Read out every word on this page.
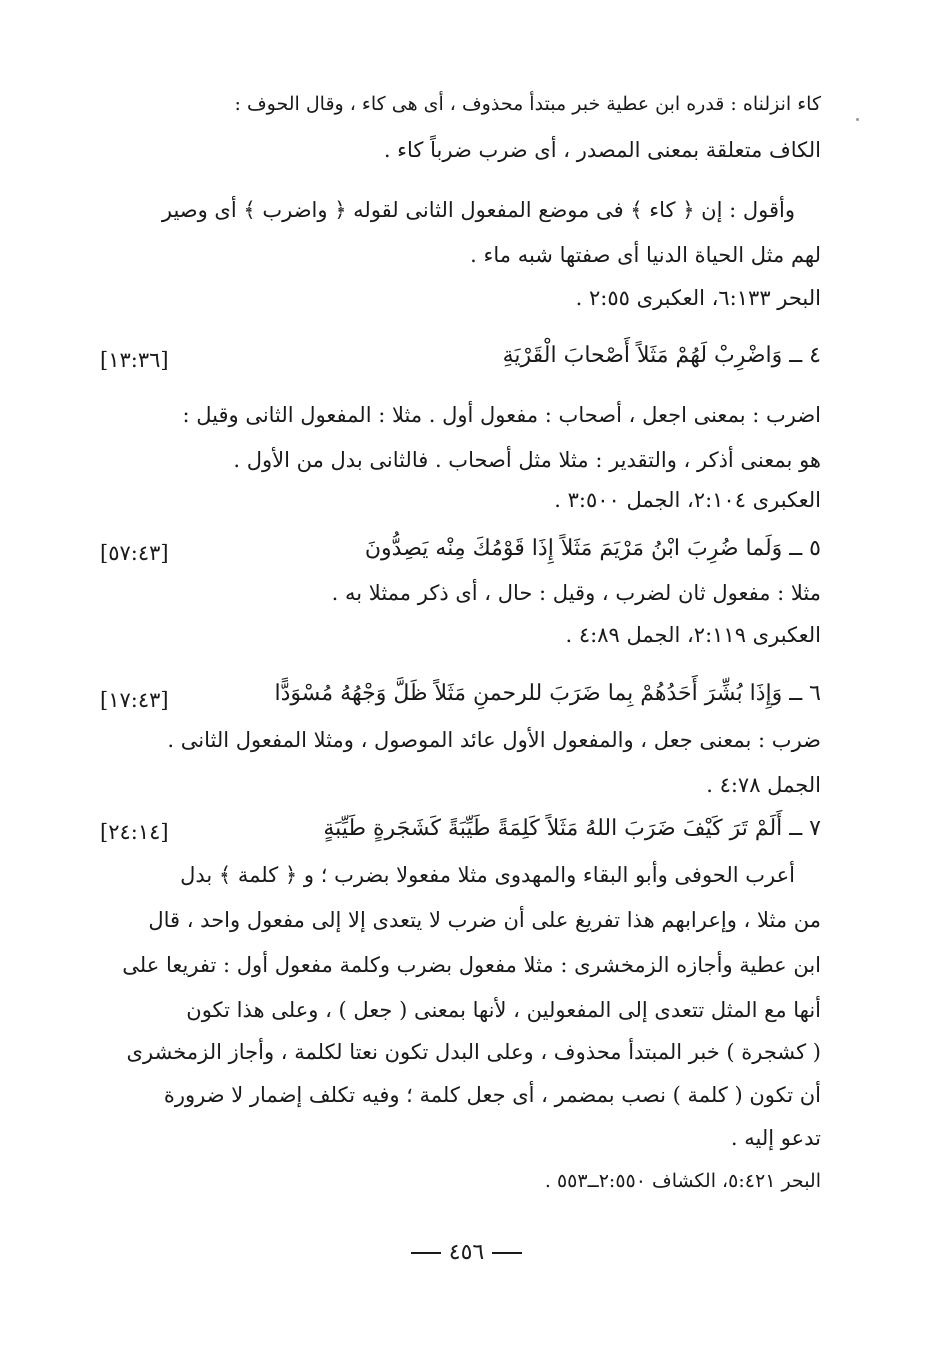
كاء انزلناه : قدره ابن عطية خبر مبتدأ محذوف ، أى هى كاء ، وقال الحوف :
الكاف متعلقة بمعنى المصدر ، أى ضرب ضرباً كاء .
وأقول : إن ﴿ كاء ﴾ فى موضع المفعول الثانى لقوله ﴿ واضرب ﴾ أى وصير
لهم مثل الحياة الدنيا أى صفتها شبه ماء .
البحر ٦:١٣٣، العكبرى ٢:٥٥ .
٤ ــ وَاضْرِبْ لَهُمْ مَثَلاً أَصْحابَ الْقَرْيَةِ
[١٣:٣٦]
اضرب : بمعنى اجعل ، أصحاب : مفعول أول . مثلا : المفعول الثانى وقيل :
هو بمعنى أذكر ، والتقدير : مثلا مثل أصحاب . فالثانى بدل من الأول .
العكبرى ٢:١٠٤، الجمل ٣:٥٠٠ .
٥ ــ وَلَما ضُرِبَ ابْنُ مَرْيَمَ مَثَلاً إِذَا قَوْمُكَ مِنْه يَصِدُّونَ
[٥٧:٤٣]
مثلا : مفعول ثان لضرب ، وقيل : حال ، أى ذكر ممثلا به .
العكبرى ٢:١١٩، الجمل ٤:٨٩ .
٦ ــ وَإِذَا بُشِّرَ أَحَدُهُمْ بِما ضَرَبَ للرحمنِ مَثَلاً ظَلَّ وَجْهُهُ مُسْوَدًّا
[١٧:٤٣]
ضرب : بمعنى جعل ، والمفعول الأول عائد الموصول ، ومثلا المفعول الثانى .
الجمل ٤:٧٨ .
٧ ــ أَلَمْ تَرَ كَيْفَ ضَرَبَ اللهُ مَثَلاً كَلِمَةً طَيِّبَةً كَشَجَرةٍ طَيِّبَةٍ
[٢٤:١٤]
أعرب الحوفى وأبو البقاء والمهدوى مثلا مفعولا بضرب ؛ و ﴿ كلمة ﴾ بدل
من مثلا ، وإعرابهم هذا تفريغ على أن ضرب لا يتعدى إلا إلى مفعول واحد ، قال
ابن عطية وأجازه الزمخشرى : مثلا مفعول بضرب وكلمة مفعول أول : تفريعا على
أنها مع المثل تتعدى إلى المفعولين ، لأنها بمعنى ( جعل ) ، وعلى هذا تكون
( كشجرة ) خبر المبتدأ محذوف ، وعلى البدل تكون نعتا لكلمة ، وأجاز الزمخشرى
أن تكون ( كلمة ) نصب بمضمر ، أى جعل كلمة ؛ وفيه تكلف إضمار لا ضرورة
تدعو إليه .
البحر ٥:٤٢١، الكشاف ٢:٥٥٠ــ٥٥٣ .
٤٥٦
